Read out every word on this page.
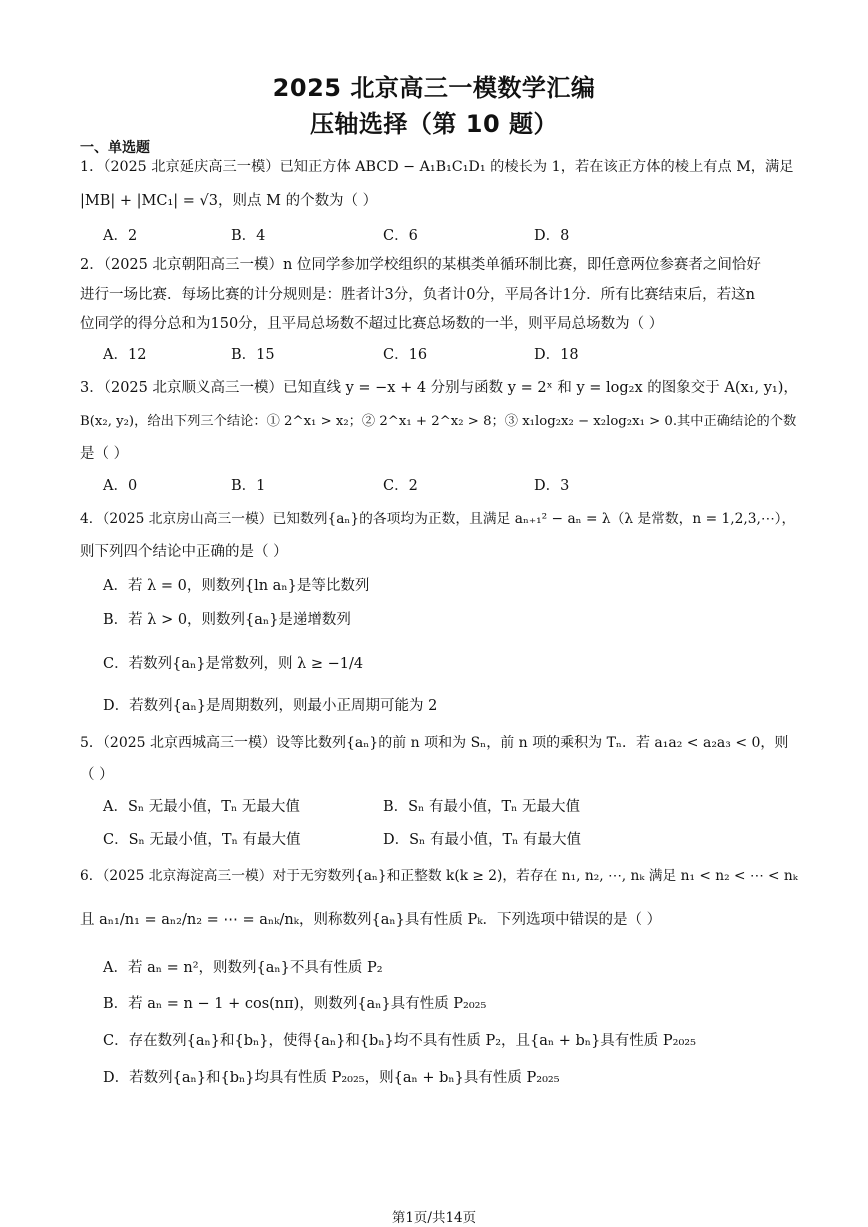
2025 北京高三一模数学汇编
压轴选择（第 10 题）
一、单选题
1．（2025 北京延庆高三一模）已知正方体 ABCD − A₁B₁C₁D₁ 的棱长为 1，若在该正方体的棱上有点 M，满足
|MB| + |MC₁| = √3，则点 M 的个数为（ ）
A．2	B．4	C．6	D．8
2．（2025 北京朝阳高三一模）n 位同学参加学校组织的某棋类单循环制比赛，即任意两位参赛者之间恰好
进行一场比赛．每场比赛的计分规则是：胜者计3分，负者计0分，平局各计1分．所有比赛结束后，若这n
位同学的得分总和为150分，且平局总场数不超过比赛总场数的一半，则平局总场数为（ ）
A．12	B．15	C．16	D．18
3．（2025 北京顺义高三一模）已知直线 y = −x + 4 分别与函数 y = 2ˣ 和 y = log₂x 的图象交于 A(x₁, y₁)，
B(x₂, y₂)，给出下列三个结论：① 2^x₁ > x₂；② 2^x₁ + 2^x₂ > 8；③ x₁log₂x₂ − x₂log₂x₁ > 0.其中正确结论的个数
是（ ）
A．0	B．1	C．2	D．3
4．（2025 北京房山高三一模）已知数列{aₙ}的各项均为正数，且满足 aₙ₊₁² − aₙ = λ（λ 是常数，n = 1,2,3,⋯），
则下列四个结论中正确的是（ ）
A．若 λ = 0，则数列{ln aₙ}是等比数列
B．若 λ > 0，则数列{aₙ}是递增数列
C．若数列{aₙ}是常数列，则 λ ≥ −1/4
D．若数列{aₙ}是周期数列，则最小正周期可能为 2
5．（2025 北京西城高三一模）设等比数列{aₙ}的前 n 项和为 Sₙ，前 n 项的乘积为 Tₙ．若 a₁a₂ < a₂a₃ < 0，则
（ ）
A．Sₙ 无最小值，Tₙ 无最大值	B．Sₙ 有最小值，Tₙ 无最大值
C．Sₙ 无最小值，Tₙ 有最大值	D．Sₙ 有最小值，Tₙ 有最大值
6．（2025 北京海淀高三一模）对于无穷数列{aₙ}和正整数 k(k ≥ 2)，若存在 n₁, n₂, ⋯, nₖ 满足 n₁ < n₂ < ⋯ < nₖ
且 aₙ₁/n₁ = aₙ₂/n₂ = ⋯ = aₙₖ/nₖ，则称数列{aₙ}具有性质 Pₖ．下列选项中错误的是（ ）
A．若 aₙ = n²，则数列{aₙ}不具有性质 P₂
B．若 aₙ = n − 1 + cos(nπ)，则数列{aₙ}具有性质 P₂₀₂₅
C．存在数列{aₙ}和{bₙ}，使得{aₙ}和{bₙ}均不具有性质 P₂，且{aₙ + bₙ}具有性质 P₂₀₂₅
D．若数列{aₙ}和{bₙ}均具有性质 P₂₀₂₅，则{aₙ + bₙ}具有性质 P₂₀₂₅
第1页/共14页
